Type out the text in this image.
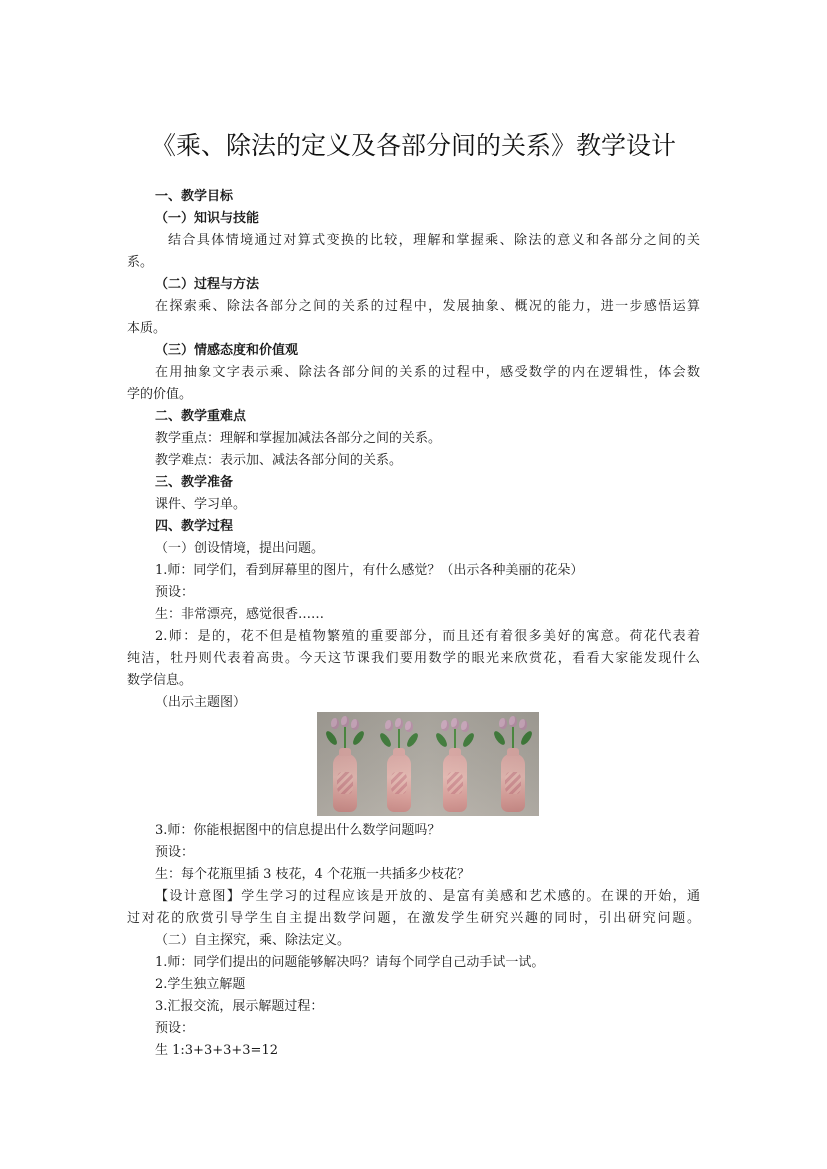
《乘、除法的定义及各部分间的关系》教学设计
一、教学目标
（一）知识与技能
结合具体情境通过对算式变换的比较，理解和掌握乘、除法的意义和各部分之间的关
系。
（二）过程与方法
在探索乘、除法各部分之间的关系的过程中，发展抽象、概况的能力，进一步感悟运算
本质。
（三）情感态度和价值观
在用抽象文字表示乘、除法各部分间的关系的过程中，感受数学的内在逻辑性，体会数
学的价值。
二、教学重难点
教学重点：理解和掌握加减法各部分之间的关系。
教学难点：表示加、减法各部分间的关系。
三、教学准备
课件、学习单。
四、教学过程
（一）创设情境，提出问题。
1.师：同学们，看到屏幕里的图片，有什么感觉？（出示各种美丽的花朵）
预设：
生：非常漂亮，感觉很香……
2.师：是的，花不但是植物繁殖的重要部分，而且还有着很多美好的寓意。荷花代表着
纯洁，牡丹则代表着高贵。今天这节课我们要用数学的眼光来欣赏花，看看大家能发现什么
数学信息。
（出示主题图）
3.师：你能根据图中的信息提出什么数学问题吗？
预设：
生：每个花瓶里插 3 枝花，4 个花瓶一共插多少枝花？
【设计意图】学生学习的过程应该是开放的、是富有美感和艺术感的。在课的开始，通
过对花的欣赏引导学生自主提出数学问题，在激发学生研究兴趣的同时，引出研究问题。
（二）自主探究，乘、除法定义。
1.师：同学们提出的问题能够解决吗？请每个同学自己动手试一试。
2.学生独立解题
3.汇报交流，展示解题过程：
预设：
生 1:3+3+3+3=12
